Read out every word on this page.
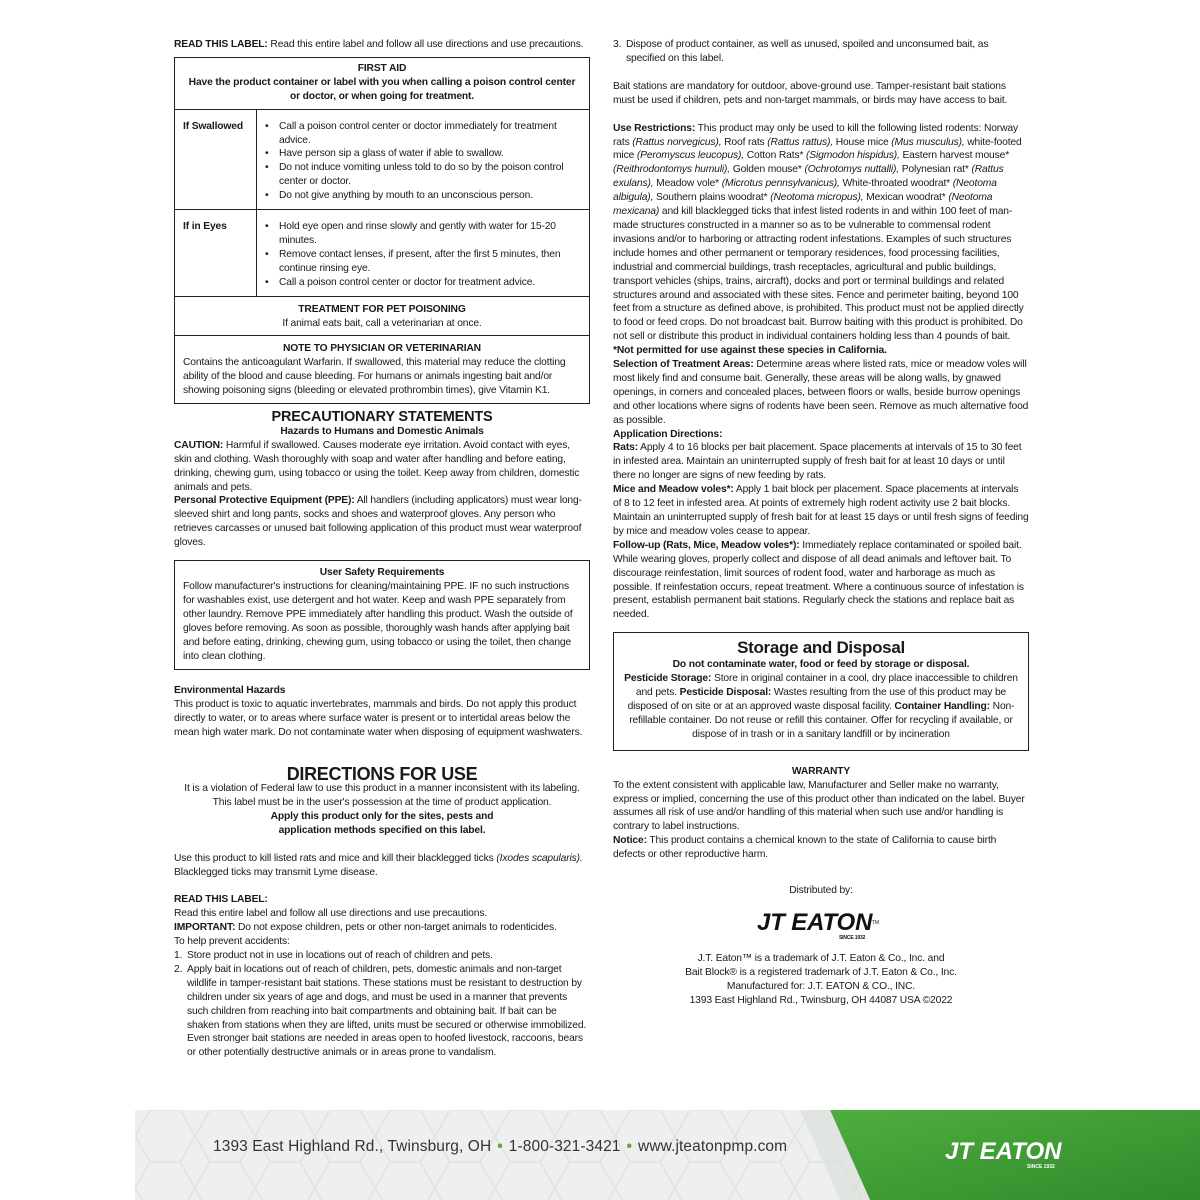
READ THIS LABEL: Read this entire label and follow all use directions and use precautions.

FIRST AID
Have the product container or label with you when calling a poison control center or doctor, or when going for treatment.
If Swallowed	• Call a poison control center or doctor immediately for treatment advice.
• Have person sip a glass of water if able to swallow.
• Do not induce vomiting unless told to do so by the poison control center or doctor.
• Do not give anything by mouth to an unconscious person.
If in Eyes	• Hold eye open and rinse slowly and gently with water for 15-20 minutes.
• Remove contact lenses, if present, after the first 5 minutes, then continue rinsing eye.
• Call a poison control center or doctor for treatment advice.
TREATMENT FOR PET POISONING
If animal eats bait, call a veterinarian at once.
NOTE TO PHYSICIAN OR VETERINARIAN
Contains the anticoagulant Warfarin. If swallowed, this material may reduce the clotting ability of the blood and cause bleeding. For humans or animals ingesting bait and/or showing poisoning signs (bleeding or elevated prothrombin times), give Vitamin K1.
PRECAUTIONARY STATEMENTS
Hazards to Humans and Domestic Animals

CAUTION: Harmful if swallowed. Causes moderate eye irritation. Avoid contact with eyes, skin and clothing. Wash thoroughly with soap and water after handling and before eating, drinking, chewing gum, using tobacco or using the toilet. Keep away from children, domestic animals and pets.

Personal Protective Equipment (PPE): All handlers (including applicators) must wear long-sleeved shirt and long pants, socks and shoes and waterproof gloves. Any person who retrieves carcasses or unused bait following application of this product must wear waterproof gloves.

User Safety Requirements
Follow manufacturer's instructions for cleaning/maintaining PPE. IF no such instructions for washables exist, use detergent and hot water. Keep and wash PPE separately from other laundry. Remove PPE immediately after handling this product. Wash the outside of gloves before removing. As soon as possible, thoroughly wash hands after applying bait and before eating, drinking, chewing gum, using tobacco or using the toilet, then change into clean clothing.

Environmental Hazards

This product is toxic to aquatic invertebrates, mammals and birds. Do not apply this product directly to water, or to areas where surface water is present or to intertidal areas below the mean high water mark. Do not contaminate water when disposing of equipment washwaters.

DIRECTIONS FOR USE
It is a violation of Federal law to use this product in a manner inconsistent with its labeling.
This label must be in the user's possession at the time of product application.
Apply this product only for the sites, pests and
application methods specified on this label.

Use this product to kill listed rats and mice and kill their blacklegged ticks (Ixodes scapularis). Blacklegged ticks may transmit Lyme disease.

READ THIS LABEL:

Read this entire label and follow all use directions and use precautions.

IMPORTANT: Do not expose children, pets or other non-target animals to rodenticides.

To help prevent accidents:

1. Store product not in use in locations out of reach of children and pets.
2. Apply bait in locations out of reach of children, pets, domestic animals and non-target wildlife in tamper-resistant bait stations. These stations must be resistant to destruction by children under six years of age and dogs, and must be used in a manner that prevents such children from reaching into bait compartments and obtaining bait. If bait can be shaken from stations when they are lifted, units must be secured or otherwise immobilized. Even stronger bait stations are needed in areas open to hoofed livestock, raccoons, bears or other potentially destructive animals or in areas prone to vandalism.
3. Dispose of product container, as well as unused, spoiled and unconsumed bait, as specified on this label.

Bait stations are mandatory for outdoor, above-ground use. Tamper-resistant bait stations must be used if children, pets and non-target mammals, or birds may have access to bait.

Use Restrictions: This product may only be used to kill the following listed rodents: Norway rats (Rattus norvegicus), Roof rats (Rattus rattus), House mice (Mus musculus), white-footed mice (Peromyscus leucopus), Cotton Rats* (Sigmodon hispidus), Eastern harvest mouse* (Reithrodontomys humuli), Golden mouse* (Ochrotomys nuttalli), Polynesian rat* (Rattus exulans), Meadow vole* (Microtus pennsylvanicus), White-throated woodrat* (Neotoma albigula), Southern plains woodrat* (Neotoma micropus), Mexican woodrat* (Neotoma mexicana) and kill blacklegged ticks that infest listed rodents in and within 100 feet of man-made structures constructed in a manner so as to be vulnerable to commensal rodent invasions and/or to harboring or attracting rodent infestations. Examples of such structures include homes and other permanent or temporary residences, food processing facilities, industrial and commercial buildings, trash receptacles, agricultural and public buildings, transport vehicles (ships, trains, aircraft), docks and port or terminal buildings and related structures around and associated with these sites. Fence and perimeter baiting, beyond 100 feet from a structure as defined above, is prohibited. This product must not be applied directly to food or feed crops. Do not broadcast bait. Burrow baiting with this product is prohibited. Do not sell or distribute this product in individual containers holding less than 4 pounds of bait.

*Not permitted for use against these species in California.

Selection of Treatment Areas: Determine areas where listed rats, mice or meadow voles will most likely find and consume bait. Generally, these areas will be along walls, by gnawed openings, in corners and concealed places, between floors or walls, beside burrow openings and other locations where signs of rodents have been seen. Remove as much alternative food as possible.

Application Directions:

Rats: Apply 4 to 16 blocks per bait placement. Space placements at intervals of 15 to 30 feet in infested area. Maintain an uninterrupted supply of fresh bait for at least 10 days or until there no longer are signs of new feeding by rats.

Mice and Meadow voles*: Apply 1 bait block per placement. Space placements at intervals of 8 to 12 feet in infested area. At points of extremely high rodent activity use 2 bait blocks. Maintain an uninterrupted supply of fresh bait for at least 15 days or until fresh signs of feeding by mice and meadow voles cease to appear.

Follow-up (Rats, Mice, Meadow voles*): Immediately replace contaminated or spoiled bait. While wearing gloves, properly collect and dispose of all dead animals and leftover bait. To discourage reinfestation, limit sources of rodent food, water and harborage as much as possible. If reinfestation occurs, repeat treatment. Where a continuous source of infestation is present, establish permanent bait stations. Regularly check the stations and replace bait as needed.

Storage and Disposal
Do not contaminate water, food or feed by storage or disposal.
Pesticide Storage: Store in original container in a cool, dry place inaccessible to children and pets. Pesticide Disposal: Wastes resulting from the use of this product may be disposed of on site or at an approved waste disposal facility. Container Handling: Non-refillable container. Do not reuse or refill this container. Offer for recycling if available, or dispose of in trash or in a sanitary landfill or by incineration
WARRANTY

To the extent consistent with applicable law, Manufacturer and Seller make no warranty, express or implied, concerning the use of this product other than indicated on the label. Buyer assumes all risk of use and/or handling of this material when such use and/or handling is contrary to label instructions.

Notice: This product contains a chemical known to the state of California to cause birth defects or other reproductive harm.

Distributed by:
JT EATON TM
SINCE 1932
J.T. Eaton™ is a trademark of J.T. Eaton & Co., Inc. and
Bait Block® is a registered trademark of J.T. Eaton & Co., Inc.
Manufactured for: J.T. EATON & CO., INC.
1393 East Highland Rd., Twinsburg, OH 44087 USA ©2022
1393 East Highland Rd., Twinsburg, OH • 1-800-321-3421 • www.jteatonpmp.com	JT EATON
SINCE 1932
